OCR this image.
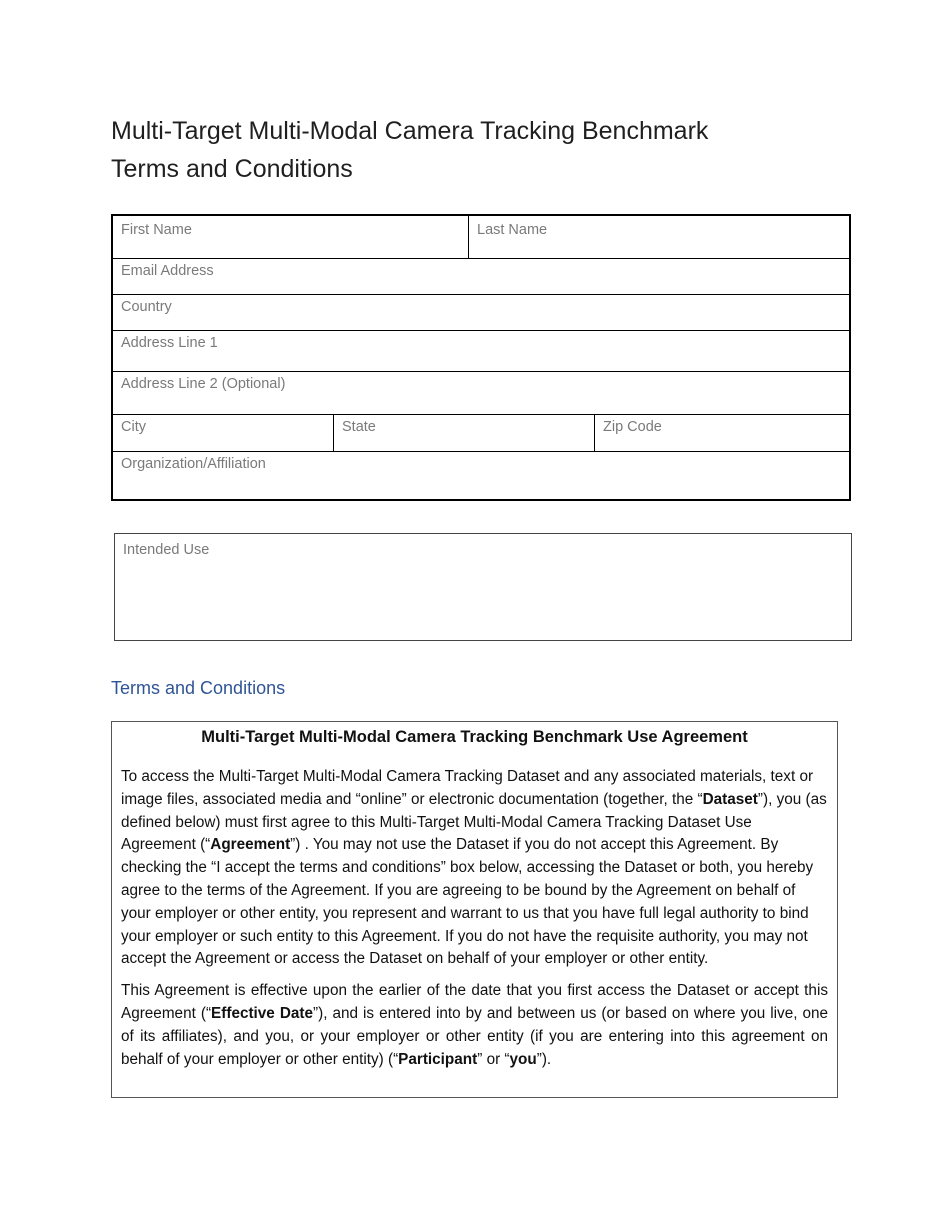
Multi-Target Multi-Modal Camera Tracking Benchmark
Terms and Conditions
First Name	Last Name
Email Address
Country
Address Line 1
Address Line 2 (Optional)
City	State	Zip Code
Organization/Affiliation
Intended Use
Terms and Conditions
Multi-Target Multi-Modal Camera Tracking Benchmark Use Agreement

To access the Multi-Target Multi-Modal Camera Tracking Dataset and any associated materials, text or image files, associated media and “online” or electronic documentation (together, the “Dataset”), you (as defined below) must first agree to this Multi-Target Multi-Modal Camera Tracking Dataset Use Agreement (“Agreement”) . You may not use the Dataset if you do not accept this Agreement. By checking the “I accept the terms and conditions” box below, accessing the Dataset or both, you hereby agree to the terms of the Agreement. If you are agreeing to be bound by the Agreement on behalf of your employer or other entity, you represent and warrant to us that you have full legal authority to bind your employer or such entity to this Agreement. If you do not have the requisite authority, you may not accept the Agreement or access the Dataset on behalf of your employer or other entity.

This Agreement is effective upon the earlier of the date that you first access the Dataset or accept this Agreement (“Effective Date”), and is entered into by and between us (or based on where you live, one of its affiliates), and you, or your employer or other entity (if you are entering into this agreement on behalf of your employer or other entity) (“Participant” or “you”).
